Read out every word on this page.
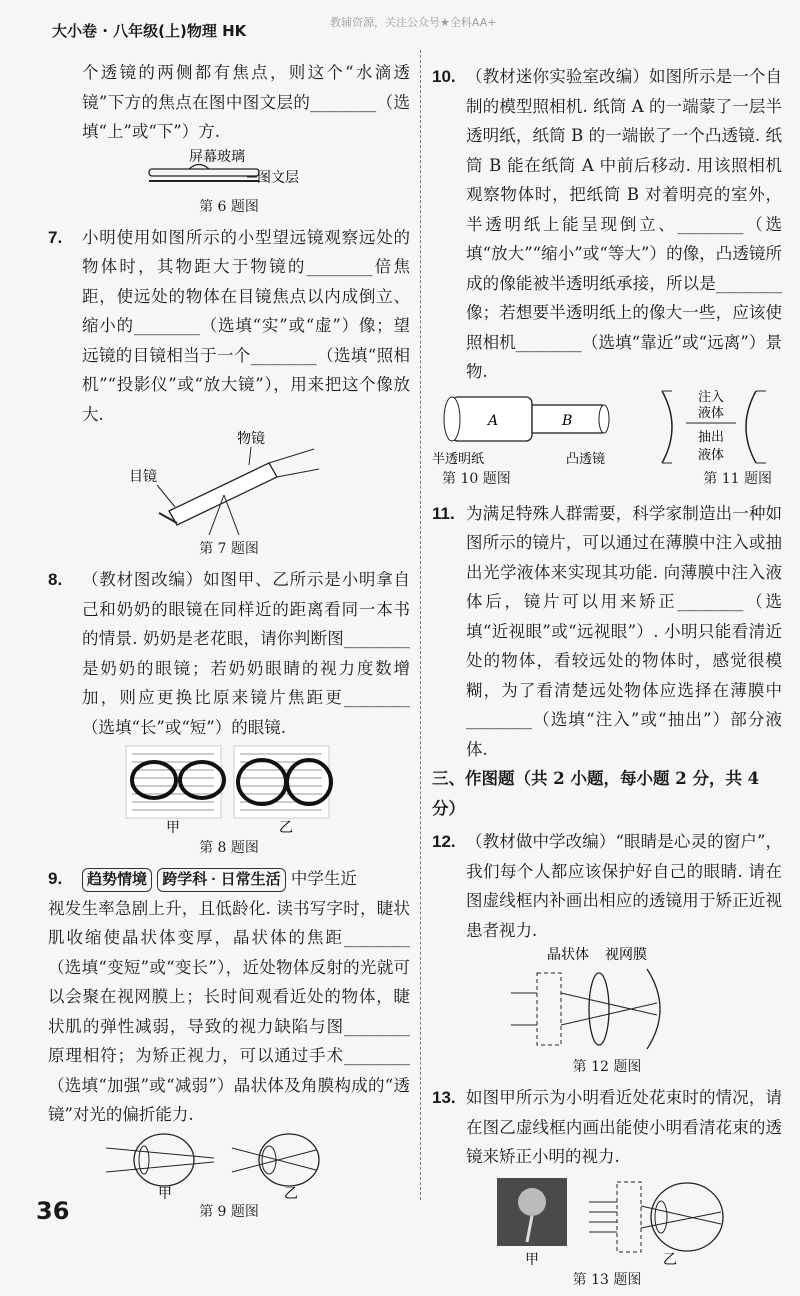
大小卷 · 八年级(上)物理 HK	教辅资源，关注公众号★全科AA+
36
个透镜的两侧都有焦点，则这个“水滴透镜”下方的焦点在图中图文层的________（选填“上”或“下”）方.
屏幕玻璃
图文层
第 6 题图
7.	小明使用如图所示的小型望远镜观察远处的物体时，其物距大于物镜的________倍焦距，使远处的物体在目镜焦点以内成倒立、缩小的________（选填“实”或“虚”）像；望远镜的目镜相当于一个________（选填“照相机”“投影仪”或“放大镜”），用来把这个像放大.
物镜
目镜
第 7 题图
8.	（教材图改编）如图甲、乙所示是小明拿自己和奶奶的眼镜在同样近的距离看同一本书的情景. 奶奶是老花眼，请你判断图________是奶奶的眼镜；若奶奶眼睛的视力度数增加，则应更换比原来镜片焦距更________（选填“长”或“短”）的眼镜.
甲	乙
第 8 题图
9.	趋势情境 跨学科 · 日常生活 中学生近
视发生率急剧上升，且低龄化. 读书写字时，睫状肌收缩使晶状体变厚，晶状体的焦距________（选填“变短”或“变长”），近处物体反射的光就可以会聚在视网膜上；长时间观看近处的物体，睫状肌的弹性减弱，导致的视力缺陷与图________原理相符；为矫正视力，可以通过手术________（选填“加强”或“减弱”）晶状体及角膜构成的“透镜”对光的偏折能力.
甲	乙
第 9 题图
10. （教材迷你实验室改编）如图所示是一个自制的模型照相机. 纸筒 A 的一端蒙了一层半透明纸，纸筒 B 的一端嵌了一个凸透镜. 纸筒 B 能在纸筒 A 中前后移动. 用该照相机观察物体时，把纸筒 B 对着明亮的室外，半透明纸上能呈现倒立、________（选填“放大”“缩小”或“等大”）的像，凸透镜所成的像能被半透明纸承接，所以是________像；若想要半透明纸上的像大一些，应该使照相机________（选填“靠近”或“远离”）景物.
A	B
半透明纸	凸透镜
注入
液体
抽出
液体
第 10 题图	第 11 题图
11. 为满足特殊人群需要，科学家制造出一种如图所示的镜片，可以通过在薄膜中注入或抽出光学液体来实现其功能. 向薄膜中注入液体后，镜片可以用来矫正________（选填“近视眼”或“远视眼”）. 小明只能看清近处的物体，看较远处的物体时，感觉很模糊，为了看清楚远处物体应选择在薄膜中________（选填“注入”或“抽出”）部分液体.
三、作图题（共 2 小题，每小题 2 分，共 4 分）
12. （教材做中学改编）“眼睛是心灵的窗户”，我们每个人都应该保护好自己的眼睛. 请在图虚线框内补画出相应的透镜用于矫正近视患者视力.
晶状体 视网膜
第 12 题图
13. 如图甲所示为小明看近处花束时的情况，请在图乙虚线框内画出能使小明看清花束的透镜来矫正小明的视力.
甲	乙
第 13 题图
